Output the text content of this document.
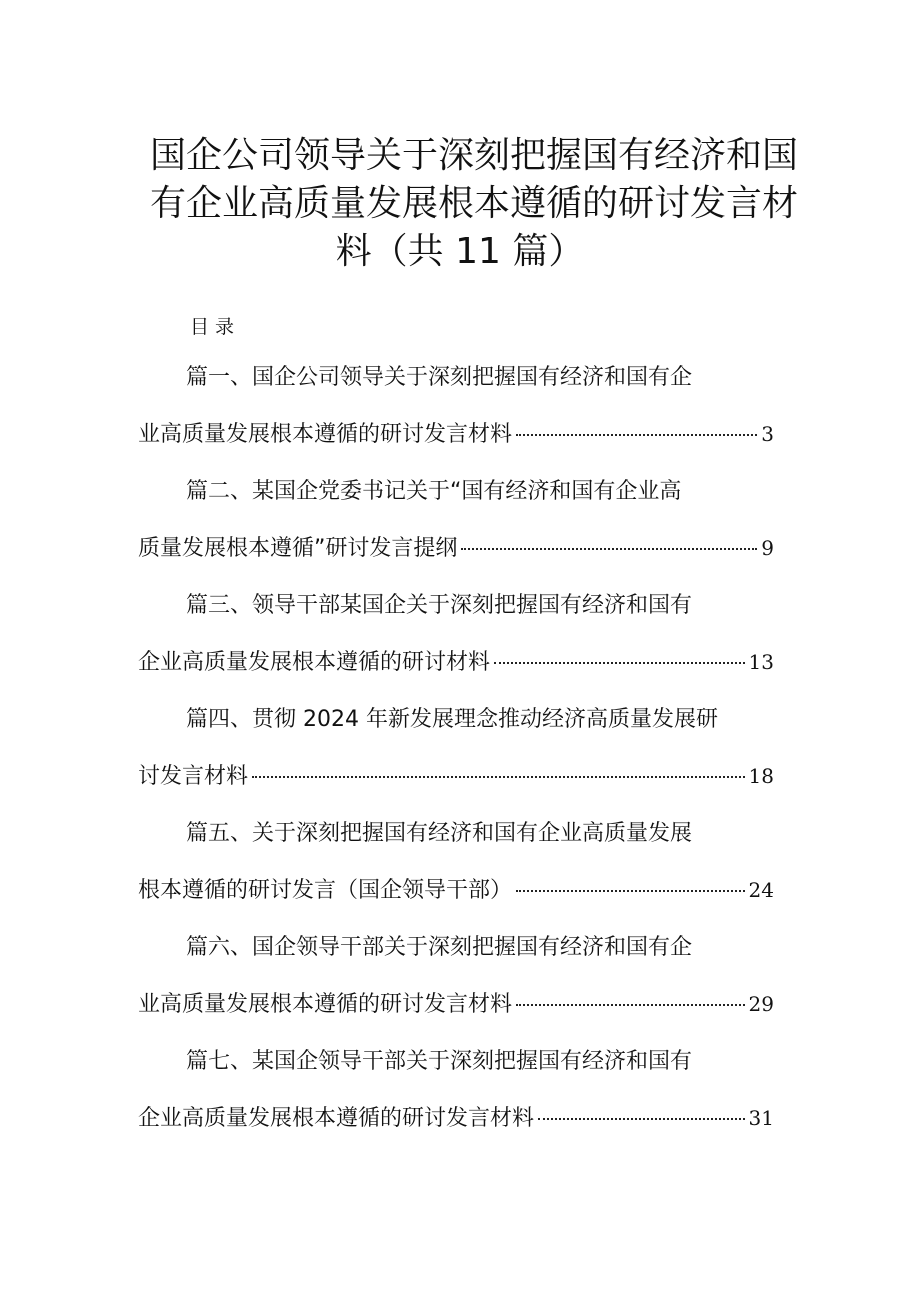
国企公司领导关于深刻把握国有经济和国
有企业高质量发展根本遵循的研讨发言材
料（共 11 篇）
目录
篇一、国企公司领导关于深刻把握国有经济和国有企
业高质量发展根本遵循的研讨发言材料	3
篇二、某国企党委书记关于“国有经济和国有企业高
质量发展根本遵循”研讨发言提纲	9
篇三、领导干部某国企关于深刻把握国有经济和国有
企业高质量发展根本遵循的研讨材料	13
篇四、贯彻 2024 年新发展理念推动经济高质量发展研
讨发言材料	18
篇五、关于深刻把握国有经济和国有企业高质量发展
根本遵循的研讨发言（国企领导干部）	24
篇六、国企领导干部关于深刻把握国有经济和国有企
业高质量发展根本遵循的研讨发言材料	29
篇七、某国企领导干部关于深刻把握国有经济和国有
企业高质量发展根本遵循的研讨发言材料	31
